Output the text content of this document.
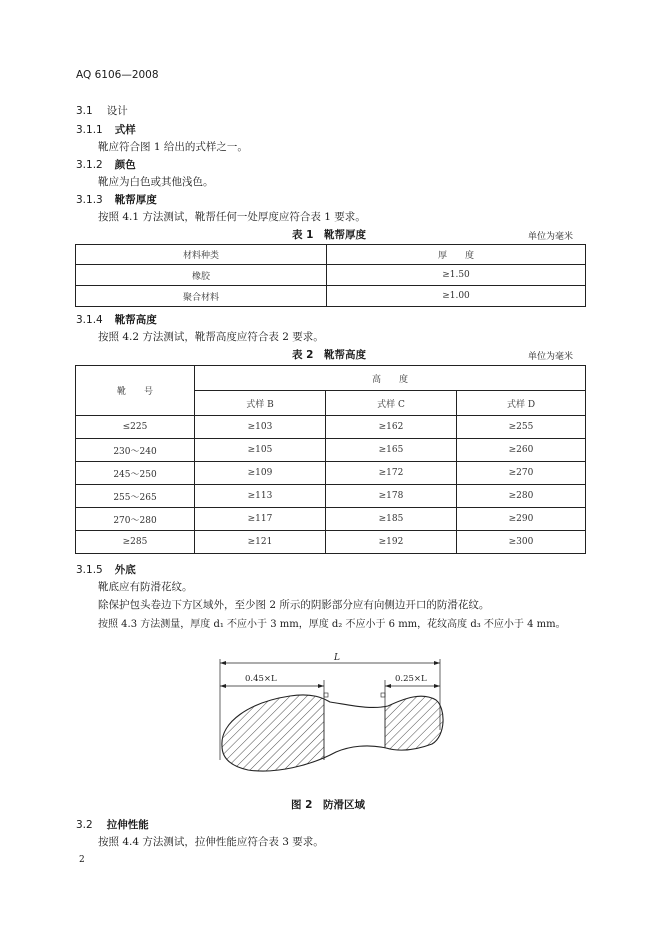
AQ 6106—2008
3.1 设计
3.1.1 式样
靴应符合图 1 给出的式样之一。
3.1.2 颜色
靴应为白色或其他浅色。
3.1.3 靴帮厚度
按照 4.1 方法测试，靴帮任何一处厚度应符合表 1 要求。
表 1　靴帮厚度	单位为毫米
材料种类	厚　　度
橡胶	≥1.50
聚合材料	≥1.00
3.1.4 靴帮高度
按照 4.2 方法测试，靴帮高度应符合表 2 要求。
表 2　靴帮高度	单位为毫米
靴　　号	高　　度		
	式样 B	式样 C	式样 D
≤225	≥103	≥162	≥255
230～240	≥105	≥165	≥260
245～250	≥109	≥172	≥270
255～265	≥113	≥178	≥280
270～280	≥117	≥185	≥290
≥285	≥121	≥192	≥300
3.1.5 外底
靴底应有防滑花纹。
除保护包头卷边下方区域外，至少图 2 所示的阴影部分应有向侧边开口的防滑花纹。
按照 4.3 方法测量，厚度 d₁ 不应小于 3 mm，厚度 d₂ 不应小于 6 mm，花纹高度 d₃ 不应小于 4 mm。
L
0.45×L	0.25×L
图 2　防滑区域
3.2 拉伸性能
按照 4.4 方法测试，拉伸性能应符合表 3 要求。
2
